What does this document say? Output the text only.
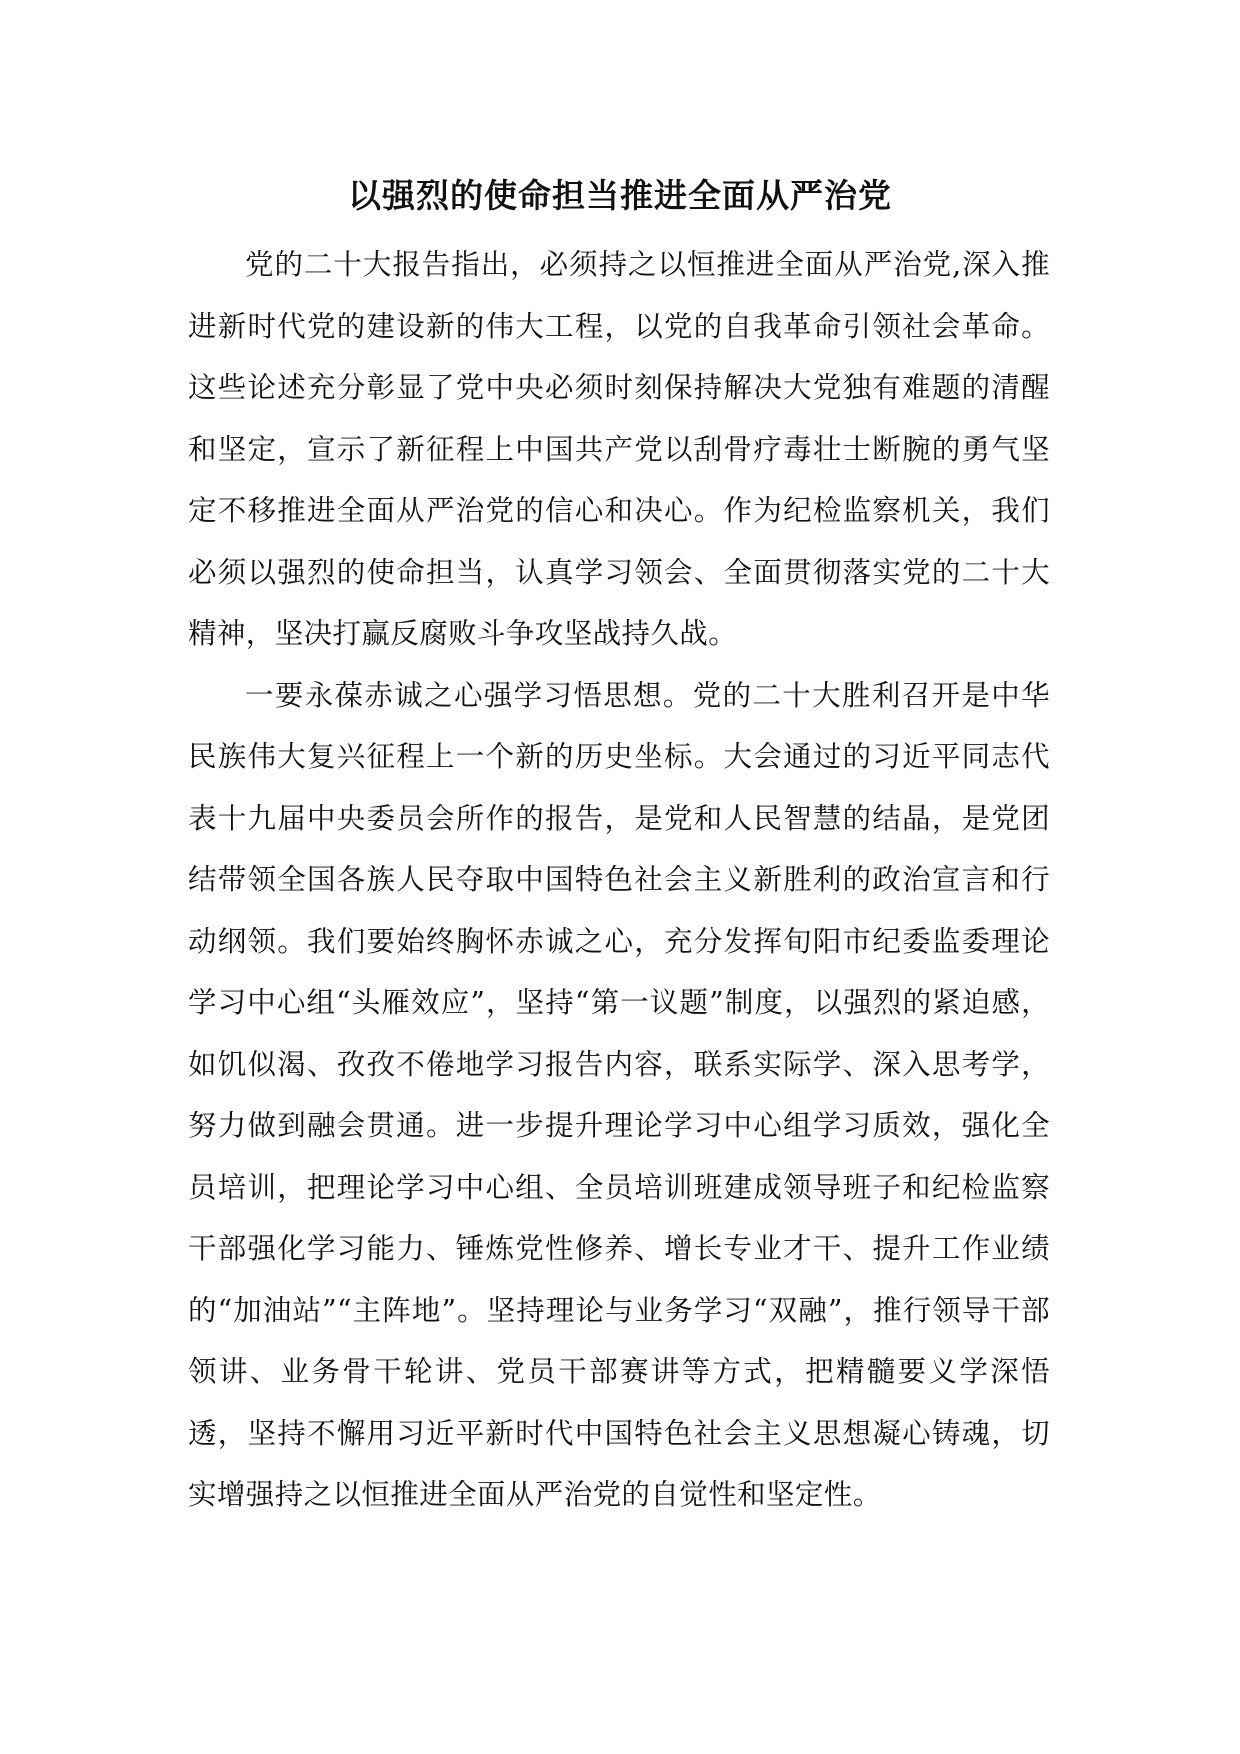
以强烈的使命担当推进全面从严治党

党的二十大报告指出，必须持之以恒推进全面从严治党,深入推进新时代党的建设新的伟大工程，以党的自我革命引领社会革命。这些论述充分彰显了党中央必须时刻保持解决大党独有难题的清醒和坚定，宣示了新征程上中国共产党以刮骨疗毒壮士断腕的勇气坚定不移推进全面从严治党的信心和决心。作为纪检监察机关，我们必须以强烈的使命担当，认真学习领会、全面贯彻落实党的二十大精神，坚决打赢反腐败斗争攻坚战持久战。

一要永葆赤诚之心强学习悟思想。党的二十大胜利召开是中华民族伟大复兴征程上一个新的历史坐标。大会通过的习近平同志代表十九届中央委员会所作的报告，是党和人民智慧的结晶，是党团结带领全国各族人民夺取中国特色社会主义新胜利的政治宣言和行动纲领。我们要始终胸怀赤诚之心，充分发挥旬阳市纪委监委理论学习中心组“头雁效应”，坚持“第一议题”制度，以强烈的紧迫感，如饥似渴、孜孜不倦地学习报告内容，联系实际学、深入思考学，努力做到融会贯通。进一步提升理论学习中心组学习质效，强化全员培训，把理论学习中心组、全员培训班建成领导班子和纪检监察干部强化学习能力、锤炼党性修养、增长专业才干、提升工作业绩的“加油站”“主阵地”。坚持理论与业务学习“双融”，推行领导干部领讲、业务骨干轮讲、党员干部赛讲等方式，把精髓要义学深悟透，坚持不懈用习近平新时代中国特色社会主义思想凝心铸魂，切实增强持之以恒推进全面从严治党的自觉性和坚定性。
